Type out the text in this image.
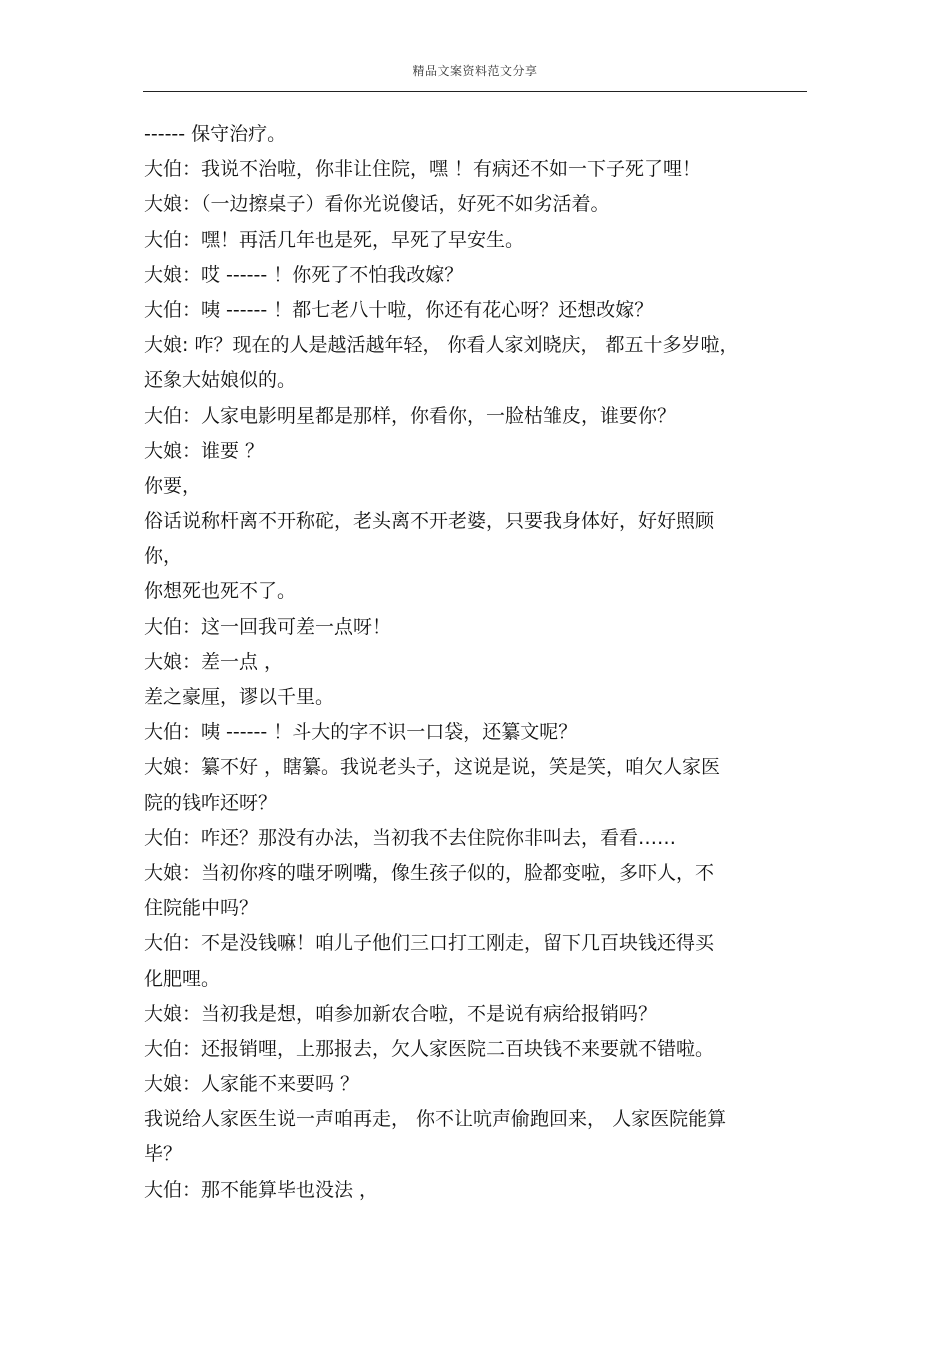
精品文案资料范文分享
------ 保守治疗。
大伯：我说不治啦，你非让住院，嘿 ！有病还不如一下子死了哩！
大娘：（一边擦桌子）看你光说傻话，好死不如劣活着。
大伯：嘿！再活几年也是死，早死了早安生。
大娘：哎 ------ ！你死了不怕我改嫁？
大伯：咦 ------ ！都七老八十啦，你还有花心呀？还想改嫁？
大娘: 咋？现在的人是越活越年轻， 你看人家刘晓庆， 都五十多岁啦，
还象大姑娘似的。
大伯：人家电影明星都是那样，你看你，一脸枯雏皮，谁要你？
大娘：谁要 ？
你要，
俗话说称杆离不开称砣，老头离不开老婆，只要我身体好，好好照顾
你，
你想死也死不了。
大伯：这一回我可差一点呀！
大娘：差一点 ，
差之豪厘，谬以千里。
大伯：咦 ------ ！斗大的字不识一口袋，还纂文呢？
大娘：纂不好 ，瞎纂。我说老头子，这说是说，笑是笑，咱欠人家医
院的钱咋还呀？
大伯：咋还？那没有办法，当初我不去住院你非叫去，看看……
大娘：当初你疼的嗤牙咧嘴，像生孩子似的，脸都变啦，多吓人，不
住院能中吗？
大伯：不是没钱嘛！咱儿子他们三口打工刚走，留下几百块钱还得买
化肥哩。
大娘：当初我是想，咱参加新农合啦，不是说有病给报销吗？
大伯：还报销哩，上那报去，欠人家医院二百块钱不来要就不错啦。
大娘：人家能不来要吗 ？
我说给人家医生说一声咱再走， 你不让吭声偷跑回来， 人家医院能算
毕？
大伯：那不能算毕也没法 ，
